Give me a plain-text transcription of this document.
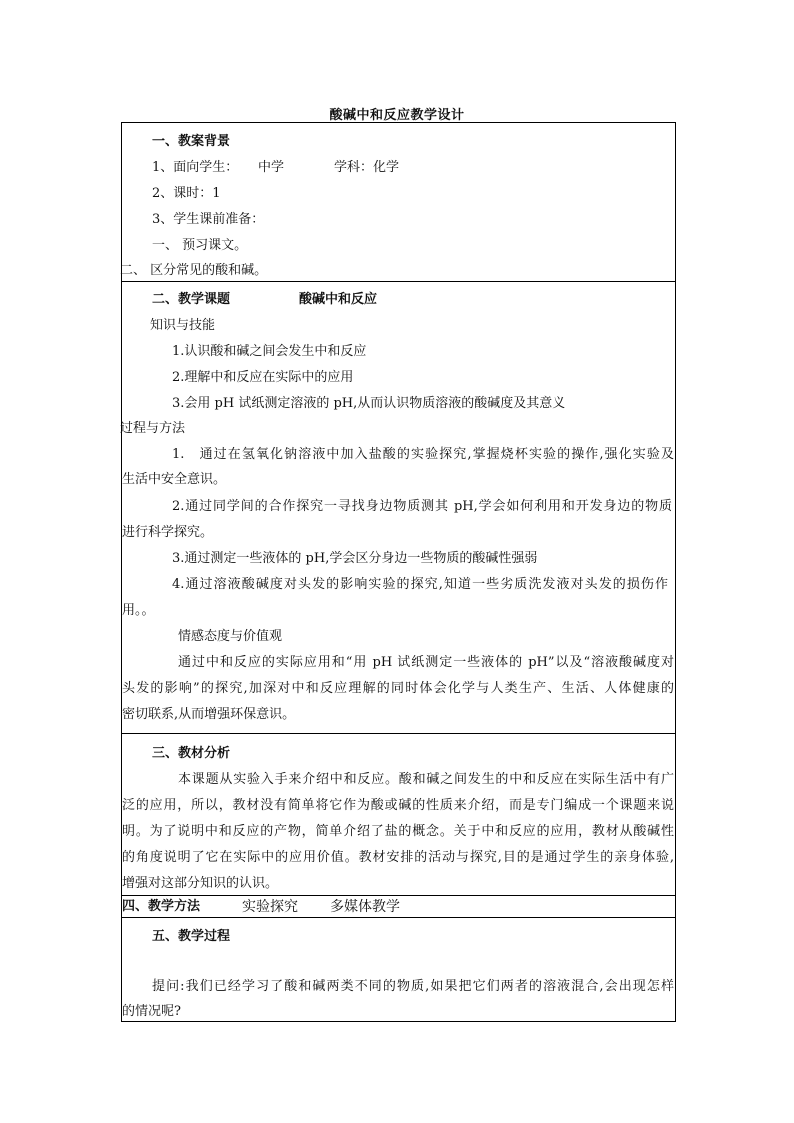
酸碱中和反应教学设计
一、教案背景
1、面向学生： 中学	学科：化学
2、课时：1
3、学生课前准备：
一、 预习课文。
二、 区分常见的酸和碱。
二、教学课题	酸碱中和反应
知识与技能
1.认识酸和碱之间会发生中和反应
2.理解中和反应在实际中的应用
3.会用 pH 试纸测定溶液的 pH,从而认识物质溶液的酸碱度及其意义
过程与方法
1.　通过在氢氧化钠溶液中加入盐酸的实验探究,掌握烧杯实验的操作,强化实验及
生活中安全意识。
2.通过同学间的合作探究一寻找身边物质测其 pH,学会如何利用和开发身边的物质
进行科学探究。
3.通过测定一些液体的 pH,学会区分身边一些物质的酸碱性强弱
4.通过溶液酸碱度对头发的影响实验的探究,知道一些劣质洗发液对头发的损伤作
用。。
情感态度与价值观
通过中和反应的实际应用和“用 pH 试纸测定一些液体的 pH”以及“溶液酸碱度对
头发的影响”的探究,加深对中和反应理解的同时体会化学与人类生产、生活、人体健康的
密切联系,从而增强环保意识。
三、教材分析
本课题从实验入手来介绍中和反应。酸和碱之间发生的中和反应在实际生活中有广
泛的应用，所以，教材没有简单将它作为酸或碱的性质来介绍，而是专门编成一个课题来说
明。为了说明中和反应的产物，简单介绍了盐的概念。关于中和反应的应用，教材从酸碱性
的角度说明了它在实际中的应用价值。教材安排的活动与探究,目的是通过学生的亲身体验,
增强对这部分知识的认识。
四、教学方法	实验探究 多媒体教学
五、教学过程
提问:我们已经学习了酸和碱两类不同的物质,如果把它们两者的溶液混合,会出现怎样
的情况呢?
